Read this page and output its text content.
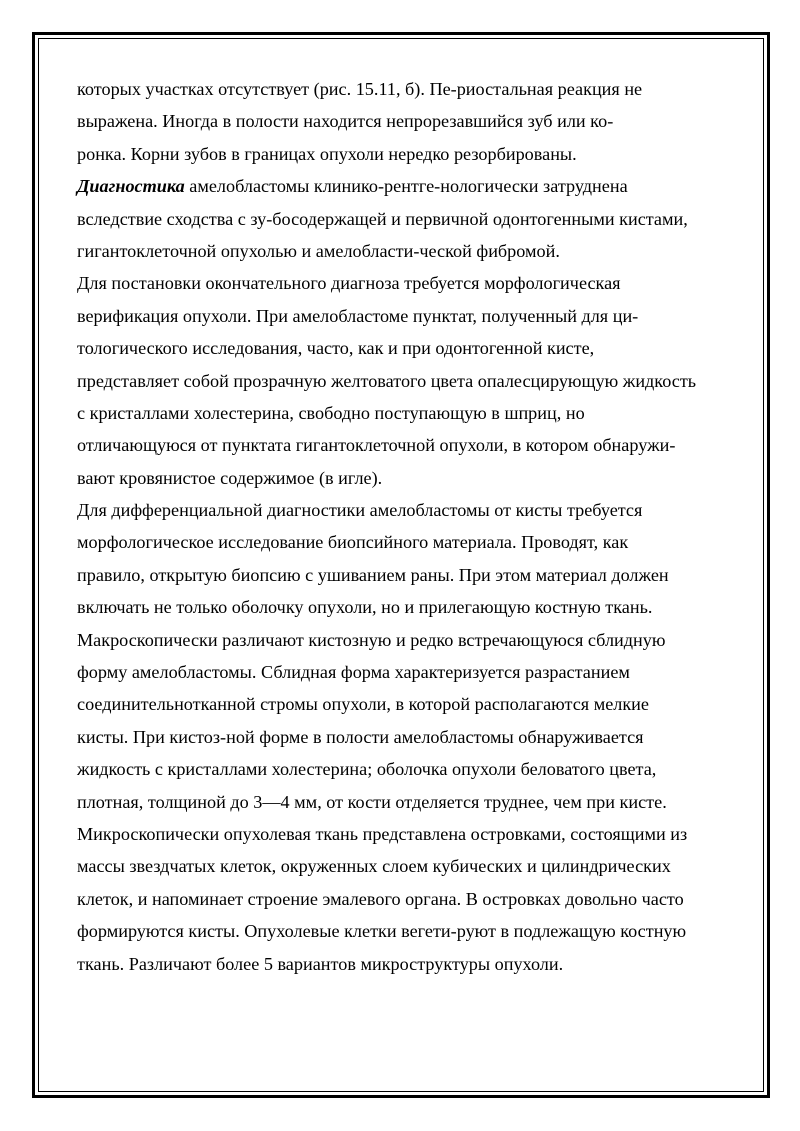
которых участках отсутствует (рис. 15.11, б). Пе-риостальная реакция не
выражена. Иногда в полости находится непрорезавшийся зуб или ко-
ронка. Корни зубов в границах опухоли нередко резорбированы.
Диагностика амелобластомы клинико-рентге-нологически затруднена
вследствие сходства с зу-босодержащей и первичной одонтогенными кистами,
гигантоклеточной опухолью и амелобласти-ческой фибромой.
Для постановки окончательного диагноза требуется морфологическая
верификация опухоли. При амелобластоме пунктат, полученный для ци-
тологического исследования, часто, как и при одонтогенной кисте,
представляет собой прозрачную желтоватого цвета опалесцирующую жидкость
с кристаллами холестерина, свободно поступающую в шприц, но
отличающуюся от пунктата гигантоклеточной опухоли, в котором обнаружи-
вают кровянистое содержимое (в игле).
Для дифференциальной диагностики амелобластомы от кисты требуется
морфологическое исследование биопсийного материала. Проводят, как
правило, открытую биопсию с ушиванием раны. При этом материал должен
включать не только оболочку опухоли, но и прилегающую костную ткань.
Макроскопически различают кистозную и редко встречающуюся сблидную
форму амелобластомы. Сблидная форма характеризуется разрастанием
соединительнотканной стромы опухоли, в которой располагаются мелкие
кисты. При кистоз-ной форме в полости амелобластомы обнаруживается
жидкость с кристаллами холестерина; оболочка опухоли беловатого цвета,
плотная, толщиной до 3—4 мм, от кости отделяется труднее, чем при кисте.
Микроскопически опухолевая ткань представлена островками, состоящими из
массы звездчатых клеток, окруженных слоем кубических и цилиндрических
клеток, и напоминает строение эмалевого органа. В островках довольно часто
формируются кисты. Опухолевые клетки вегети-руют в подлежащую костную
ткань. Различают более 5 вариантов микроструктуры опухоли.
